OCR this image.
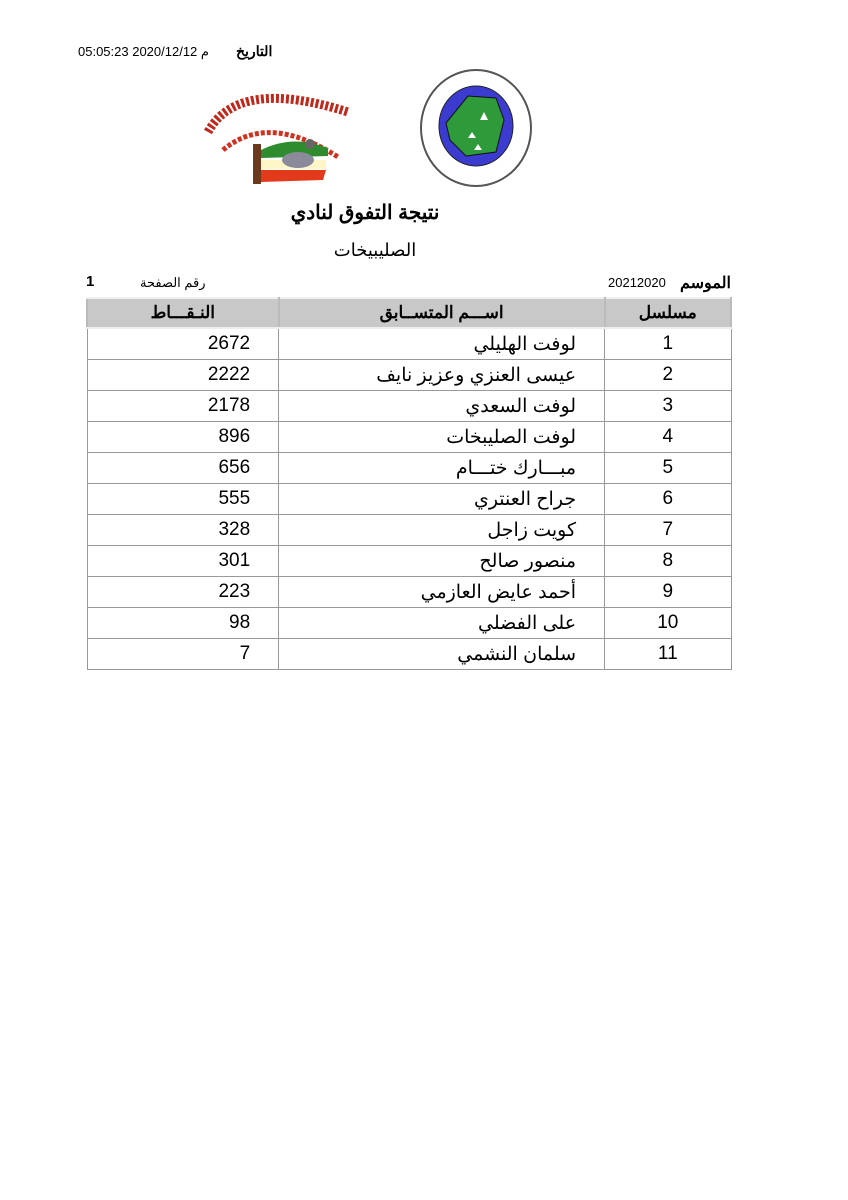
التاريخ
05:05:23 2020/12/12 م
نتيجة التفوق لنادي
الصليبيخات
الموسم
20212020
رقم الصفحة
1
النـقـــاط	اســـم المتســابق	مسلسل
2672	لوفت الهليلي	1
2222	عيسى العنزي وعزيز نايف	2
2178	لوفت السعدي	3
896	لوفت الصليبخات	4
656	مبـــارك ختـــام	5
555	جراح العنتري	6
328	كويت زاجل	7
301	منصور صالح	8
223	أحمد عايض العازمي	9
98	على الفضلي	10
7	سلمان النشمي	11
